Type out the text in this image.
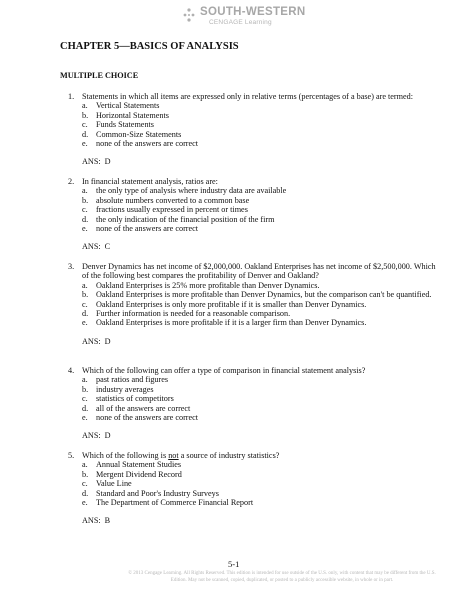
SOUTH-WESTERN
CENGAGE Learning
CHAPTER 5—BASICS OF ANALYSIS
MULTIPLE CHOICE
1. Statements in which all items are expressed only in relative terms (percentages of a base) are termed:
a. Vertical Statements
b. Horizontal Statements
c. Funds Statements
d. Common-Size Statements
e. none of the answers are correct
ANS: D
2. In financial statement analysis, ratios are:
a. the only type of analysis where industry data are available
b. absolute numbers converted to a common base
c. fractions usually expressed in percent or times
d. the only indication of the financial position of the firm
e. none of the answers are correct
ANS: C
3. Denver Dynamics has net income of $2,000,000. Oakland Enterprises has net income of $2,500,000. Which of the following best compares the profitability of Denver and Oakland?
a. Oakland Enterprises is 25% more profitable than Denver Dynamics.
b. Oakland Enterprises is more profitable than Denver Dynamics, but the comparison can't be quantified.
c. Oakland Enterprises is only more profitable if it is smaller than Denver Dynamics.
d. Further information is needed for a reasonable comparison.
e. Oakland Enterprises is more profitable if it is a larger firm than Denver Dynamics.
ANS: D
4. Which of the following can offer a type of comparison in financial statement analysis?
a. past ratios and figures
b. industry averages
c. statistics of competitors
d. all of the answers are correct
e. none of the answers are correct
ANS: D
5. Which of the following is not a source of industry statistics?
a. Annual Statement Studies
b. Mergent Dividend Record
c. Value Line
d. Standard and Poor's Industry Surveys
e. The Department of Commerce Financial Report
ANS: B
5-1
© 2013 Cengage Learning. All Rights Reserved. This edition is intended for use outside of the U.S. only, with content that may be different from the U.S. Edition. May not be scanned, copied, duplicated, or posted to a publicly accessible website, in whole or in part.
